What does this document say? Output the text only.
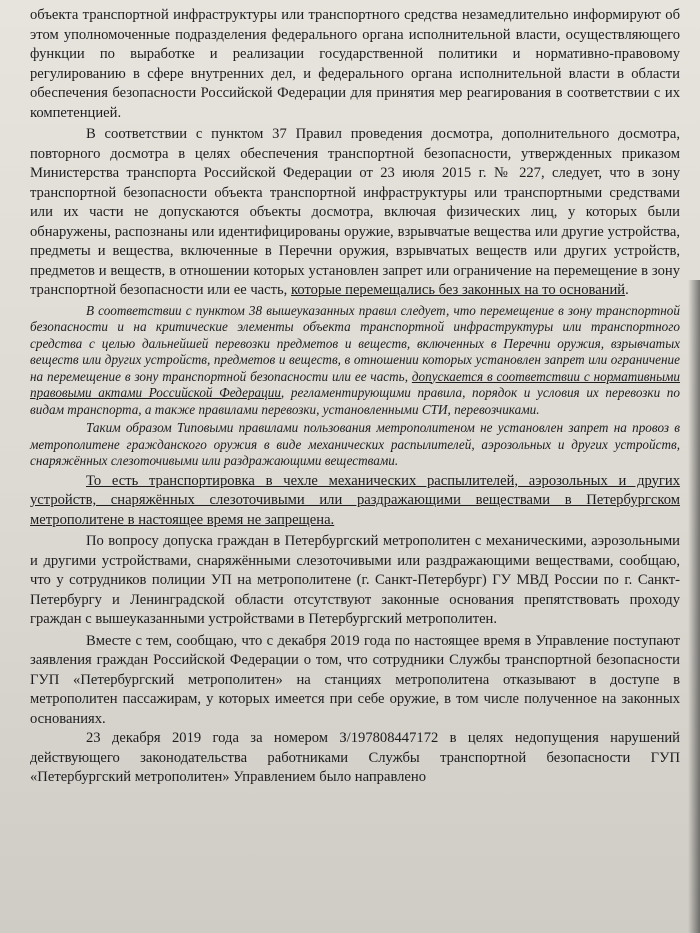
объекта транспортной инфраструктуры или транспортного средства незамедлительно информируют об этом уполномоченные подразделения федерального органа исполнительной власти, осуществляющего функции по выработке и реализации государственной политики и нормативно-правовому регулированию в сфере внутренних дел, и федерального органа исполнительной власти в области обеспечения безопасности Российской Федерации для принятия мер реагирования в соответствии с их компетенцией.

В соответствии с пунктом 37 Правил проведения досмотра, дополнительного досмотра, повторного досмотра в целях обеспечения транспортной безопасности, утвержденных приказом Министерства транспорта Российской Федерации от 23 июля 2015 г. № 227, следует, что в зону транспортной безопасности объекта транспортной инфраструктуры или транспортными средствами или их части не допускаются объекты досмотра, включая физических лиц, у которых были обнаружены, распознаны или идентифицированы оружие, взрывчатые вещества или другие устройства, предметы и вещества, включенные в Перечни оружия, взрывчатых веществ или других устройств, предметов и веществ, в отношении которых установлен запрет или ограничение на перемещение в зону транспортной безопасности или ее часть, которые перемещались без законных на то оснований.

В соответствии с пунктом 38 вышеуказанных правил следует, что перемещение в зону транспортной безопасности и на критические элементы объекта транспортной инфраструктуры или транспортного средства с целью дальнейшей перевозки предметов и веществ, включенных в Перечни оружия, взрывчатых веществ или других устройств, предметов и веществ, в отношении которых установлен запрет или ограничение на перемещение в зону транспортной безопасности или ее часть, допускается в соответствии с нормативными правовыми актами Российской Федерации, регламентирующими правила, порядок и условия их перевозки по видам транспорта, а также правилами перевозки, установленными СТИ, перевозчиками.

Таким образом Типовыми правилами пользования метрополитеном не установлен запрет на провоз в метрополитене гражданского оружия в виде механических распылителей, аэрозольных и других устройств, снаряжённых слезоточивыми или раздражающими веществами.

То есть транспортировка в чехле механических распылителей, аэрозольных и других устройств, снаряжённых слезоточивыми или раздражающими веществами в Петербургском метрополитене в настоящее время не запрещена.

По вопросу допуска граждан в Петербургский метрополитен с механическими, аэрозольными и другими устройствами, снаряжёнными слезоточивыми или раздражающими веществами, сообщаю, что у сотрудников полиции УП на метрополитене (г. Санкт-Петербург) ГУ МВД России по г. Санкт-Петербургу и Ленинградской области отсутствуют законные основания препятствовать проходу граждан с вышеуказанными устройствами в Петербургский метрополитен.

Вместе с тем, сообщаю, что с декабря 2019 года по настоящее время в Управление поступают заявления граждан Российской Федерации о том, что сотрудники Службы транспортной безопасности ГУП «Петербургский метрополитен» на станциях метрополитена отказывают в доступе в метрополитен пассажирам, у которых имеется при себе оружие, в том числе полученное на законных основаниях.

23 декабря 2019 года за номером З/197808447172 в целях недопущения нарушений действующего законодательства работниками Службы транспортной безопасности ГУП «Петербургский метрополитен» Управлением было направлено
